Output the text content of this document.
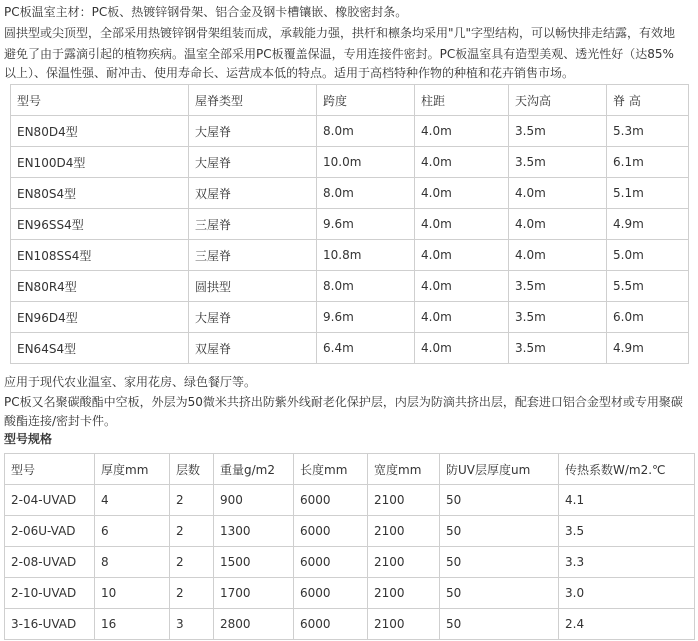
PC板温室主材：PC板、热镀锌钢骨架、铝合金及钢卡槽镶嵌、橡胶密封条。

圆拱型或尖顶型，全部采用热镀锌钢骨架组装而成，承载能力强，拱杆和檩条均采用"几"字型结构，可以畅快排走结露，有效地

避免了由于露滴引起的植物疾病。温室全部采用PC板覆盖保温，专用连接件密封。PC板温室具有造型美观、透光性好（达85%

以上）、保温性强、耐冲击、使用寿命长、运营成本低的特点。适用于高档特种作物的种植和花卉销售市场。

型号	屋脊类型	跨度	柱距	天沟高	脊 高
EN80D4型	大屋脊	8.0m	4.0m	3.5m	5.3m
EN100D4型	大屋脊	10.0m	4.0m	3.5m	6.1m
EN80S4型	双屋脊	8.0m	4.0m	4.0m	5.1m
EN96SS4型	三屋脊	9.6m	4.0m	4.0m	4.9m
EN108SS4型	三屋脊	10.8m	4.0m	4.0m	5.0m
EN80R4型	圆拱型	8.0m	4.0m	3.5m	5.5m
EN96D4型	大屋脊	9.6m	4.0m	3.5m	6.0m
EN64S4型	双屋脊	6.4m	4.0m	3.5m	4.9m

应用于现代农业温室、家用花房、绿色餐厅等。

PC板又名聚碳酸酯中空板，外层为50微米共挤出防紫外线耐老化保护层，内层为防滴共挤出层，配套进口铝合金型材或专用聚碳

酸酯连接/密封卡件。

型号规格

型号	厚度mm	层数	重量g/m2	长度mm	宽度mm	防UV层厚度um	传热系数W/m2.℃
2-04-UVAD	4	2	900	6000	2100	50	4.1
2-06U-VAD	6	2	1300	6000	2100	50	3.5
2-08-UVAD	8	2	1500	6000	2100	50	3.3
2-10-UVAD	10	2	1700	6000	2100	50	3.0
3-16-UVAD	16	3	2800	6000	2100	50	2.4
